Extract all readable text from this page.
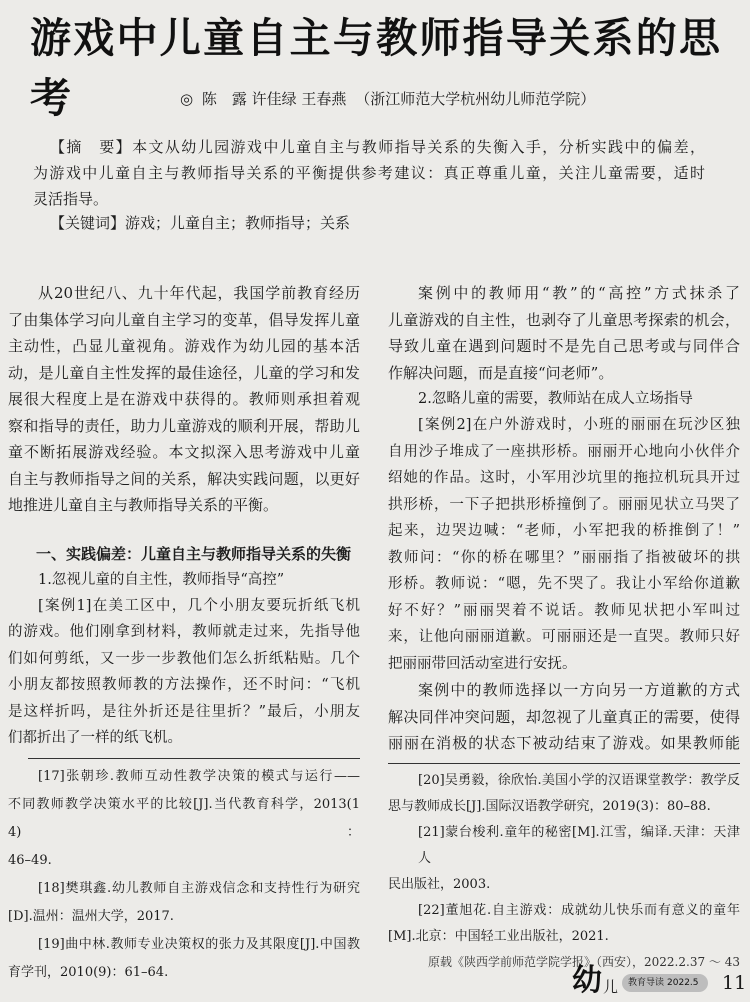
游戏中儿童自主与教师指导关系的思考	◎ 陈　露 许佳绿 王春燕 （浙江师范大学杭州幼儿师范学院）
【摘　要】本文从幼儿园游戏中儿童自主与教师指导关系的失衡入手，分析实践中的偏差，
为游戏中儿童自主与教师指导关系的平衡提供参考建议：真正尊重儿童，关注儿童需要，适时
灵活指导。
【关键词】游戏；儿童自主；教师指导；关系
从20世纪八、九十年代起，我国学前教育经历
了由集体学习向儿童自主学习的变革，倡导发挥儿童
主动性，凸显儿童视角。游戏作为幼儿园的基本活
动，是儿童自主性发挥的最佳途径，儿童的学习和发
展很大程度上是在游戏中获得的。教师则承担着观
察和指导的责任，助力儿童游戏的顺利开展，帮助儿
童不断拓展游戏经验。本文拟深入思考游戏中儿童
自主与教师指导之间的关系，解决实践问题，以更好
地推进儿童自主与教师指导关系的平衡。
一、实践偏差：儿童自主与教师指导关系的失衡
1.忽视儿童的自主性，教师指导“高控”
[案例1]在美工区中，几个小朋友要玩折纸飞机
的游戏。他们刚拿到材料，教师就走过来，先指导他
们如何剪纸，又一步一步教他们怎么折纸粘贴。几个
小朋友都按照教师教的方法操作，还不时问：“飞机
是这样折吗，是往外折还是往里折？”最后，小朋友
们都折出了一样的纸飞机。
[17]张朝珍.教师互动性教学决策的模式与运行——
不同教师教学决策水平的比较[J].当代教育科学，2013(14)：
46–49.
[18]樊琪鑫.幼儿教师自主游戏信念和支持性行为研究
[D].温州：温州大学，2017.
[19]曲中林.教师专业决策权的张力及其限度[J].中国教
育学刊，2010(9)：61–64.
案例中的教师用“教”的“高控”方式抹杀了
儿童游戏的自主性，也剥夺了儿童思考探索的机会，
导致儿童在遇到问题时不是先自己思考或与同伴合
作解决问题，而是直接“问老师”。
2.忽略儿童的需要，教师站在成人立场指导
[案例2]在户外游戏时，小班的丽丽在玩沙区独
自用沙子堆成了一座拱形桥。丽丽开心地向小伙伴介
绍她的作品。这时，小军用沙坑里的拖拉机玩具开过
拱形桥，一下子把拱形桥撞倒了。丽丽见状立马哭了
起来，边哭边喊：“老师，小军把我的桥推倒了！”
教师问：“你的桥在哪里？”丽丽指了指被破坏的拱
形桥。教师说：“嗯，先不哭了。我让小军给你道歉
好不好？”丽丽哭着不说话。教师见状把小军叫过
来，让他向丽丽道歉。可丽丽还是一直哭。教师只好
把丽丽带回活动室进行安抚。
案例中的教师选择以一方向另一方道歉的方式
解决同伴冲突问题，却忽视了儿童真正的需要，使得
丽丽在消极的状态下被动结束了游戏。如果教师能
[20]吴勇毅，徐欣怡.美国小学的汉语课堂教学：教学反
思与教师成长[J].国际汉语教学研究，2019(3)：80–88.
[21]蒙台梭利.童年的秘密[M].江雪，编译.天津：天津人
民出版社，2003.
[22]董旭花.自主游戏：成就幼儿快乐而有意义的童年
[M].北京：中国轻工业出版社，2021.
原载《陕西学前师范学院学报》（西安），2022.2.37 ～ 43
幼 儿	教育导读 2022.5	11
